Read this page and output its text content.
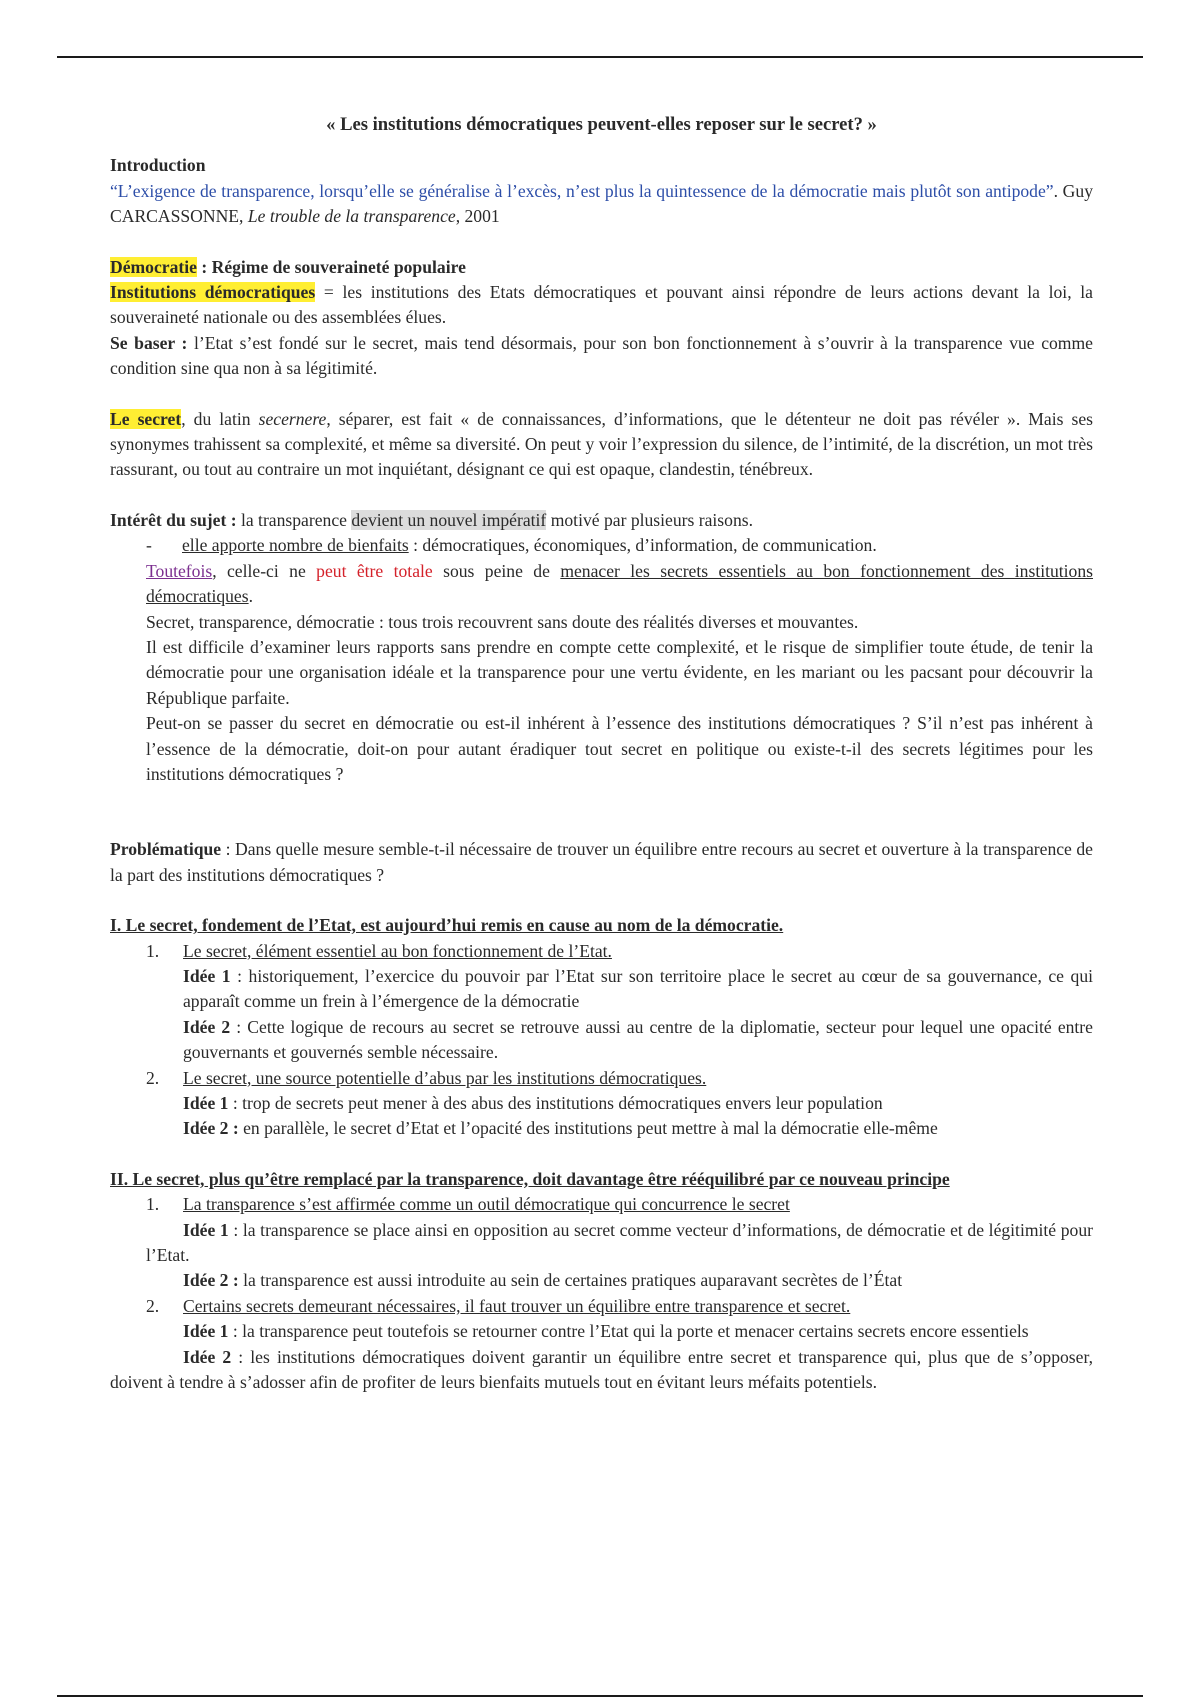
« Les institutions démocratiques peuvent-elles reposer sur le secret? »

Introduction

“L’exigence de transparence, lorsqu’elle se généralise à l’excès, n’est plus la quintessence de la démocratie mais plutôt son antipode”. Guy CARCASSONNE, Le trouble de la transparence, 2001

Démocratie : Régime de souveraineté populaire

Institutions démocratiques = les institutions des Etats démocratiques et pouvant ainsi répondre de leurs actions devant la loi, la souveraineté nationale ou des assemblées élues.

Se baser : l’Etat s’est fondé sur le secret, mais tend désormais, pour son bon fonctionnement à s’ouvrir à la transparence vue comme condition sine qua non à sa légitimité.

Le secret, du latin secernere, séparer, est fait « de connaissances, d’informations, que le détenteur ne doit pas révéler ». Mais ses synonymes trahissent sa complexité, et même sa diversité. On peut y voir l’expression du silence, de l’intimité, de la discrétion, un mot très rassurant, ou tout au contraire un mot inquiétant, désignant ce qui est opaque, clandestin, ténébreux.

Intérêt du sujet : la transparence devient un nouvel impératif motivé par plusieurs raisons.

-	elle apporte nombre de bienfaits : démocratiques, économiques, d’information, de communication.

Toutefois, celle-ci ne peut être totale sous peine de menacer les secrets essentiels au bon fonctionnement des institutions démocratiques.

Secret, transparence, démocratie : tous trois recouvrent sans doute des réalités diverses et mouvantes.

Il est difficile d’examiner leurs rapports sans prendre en compte cette complexité, et le risque de simplifier toute étude, de tenir la démocratie pour une organisation idéale et la transparence pour une vertu évidente, en les mariant ou les pacsant pour découvrir la République parfaite.

Peut-on se passer du secret en démocratie ou est-il inhérent à l’essence des institutions démocratiques ? S’il n’est pas inhérent à l’essence de la démocratie, doit-on pour autant éradiquer tout secret en politique ou existe-t-il des secrets légitimes pour les institutions démocratiques ?

Problématique : Dans quelle mesure semble-t-il nécessaire de trouver un équilibre entre recours au secret et ouverture à la transparence de la part des institutions démocratiques ?

I. Le secret, fondement de l’Etat, est aujourd’hui remis en cause au nom de la démocratie.

1.	Le secret, élément essentiel au bon fonctionnement de l’Etat.

Idée 1 : historiquement, l’exercice du pouvoir par l’Etat sur son territoire place le secret au cœur de sa gouvernance, ce qui apparaît comme un frein à l’émergence de la démocratie

Idée 2 : Cette logique de recours au secret se retrouve aussi au centre de la diplomatie, secteur pour lequel une opacité entre gouvernants et gouvernés semble nécessaire.

2.	Le secret, une source potentielle d’abus par les institutions démocratiques.

Idée 1 : trop de secrets peut mener à des abus des institutions démocratiques envers leur population

Idée 2 : en parallèle, le secret d’Etat et l’opacité des institutions peut mettre à mal la démocratie elle-même

II. Le secret, plus qu’être remplacé par la transparence, doit davantage être rééquilibré par ce nouveau principe

1.	La transparence s’est affirmée comme un outil démocratique qui concurrence le secret

Idée 1 : la transparence se place ainsi en opposition au secret comme vecteur d’informations, de démocratie et de légitimité pour l’Etat.

Idée 2 : la transparence est aussi introduite au sein de certaines pratiques auparavant secrètes de l’État

2.	Certains secrets demeurant nécessaires, il faut trouver un équilibre entre transparence et secret.

Idée 1 : la transparence peut toutefois se retourner contre l’Etat qui la porte et menacer certains secrets encore essentiels

Idée 2 : les institutions démocratiques doivent garantir un équilibre entre secret et transparence qui, plus que de s’opposer, doivent à tendre à s’adosser afin de profiter de leurs bienfaits mutuels tout en évitant leurs méfaits potentiels.
